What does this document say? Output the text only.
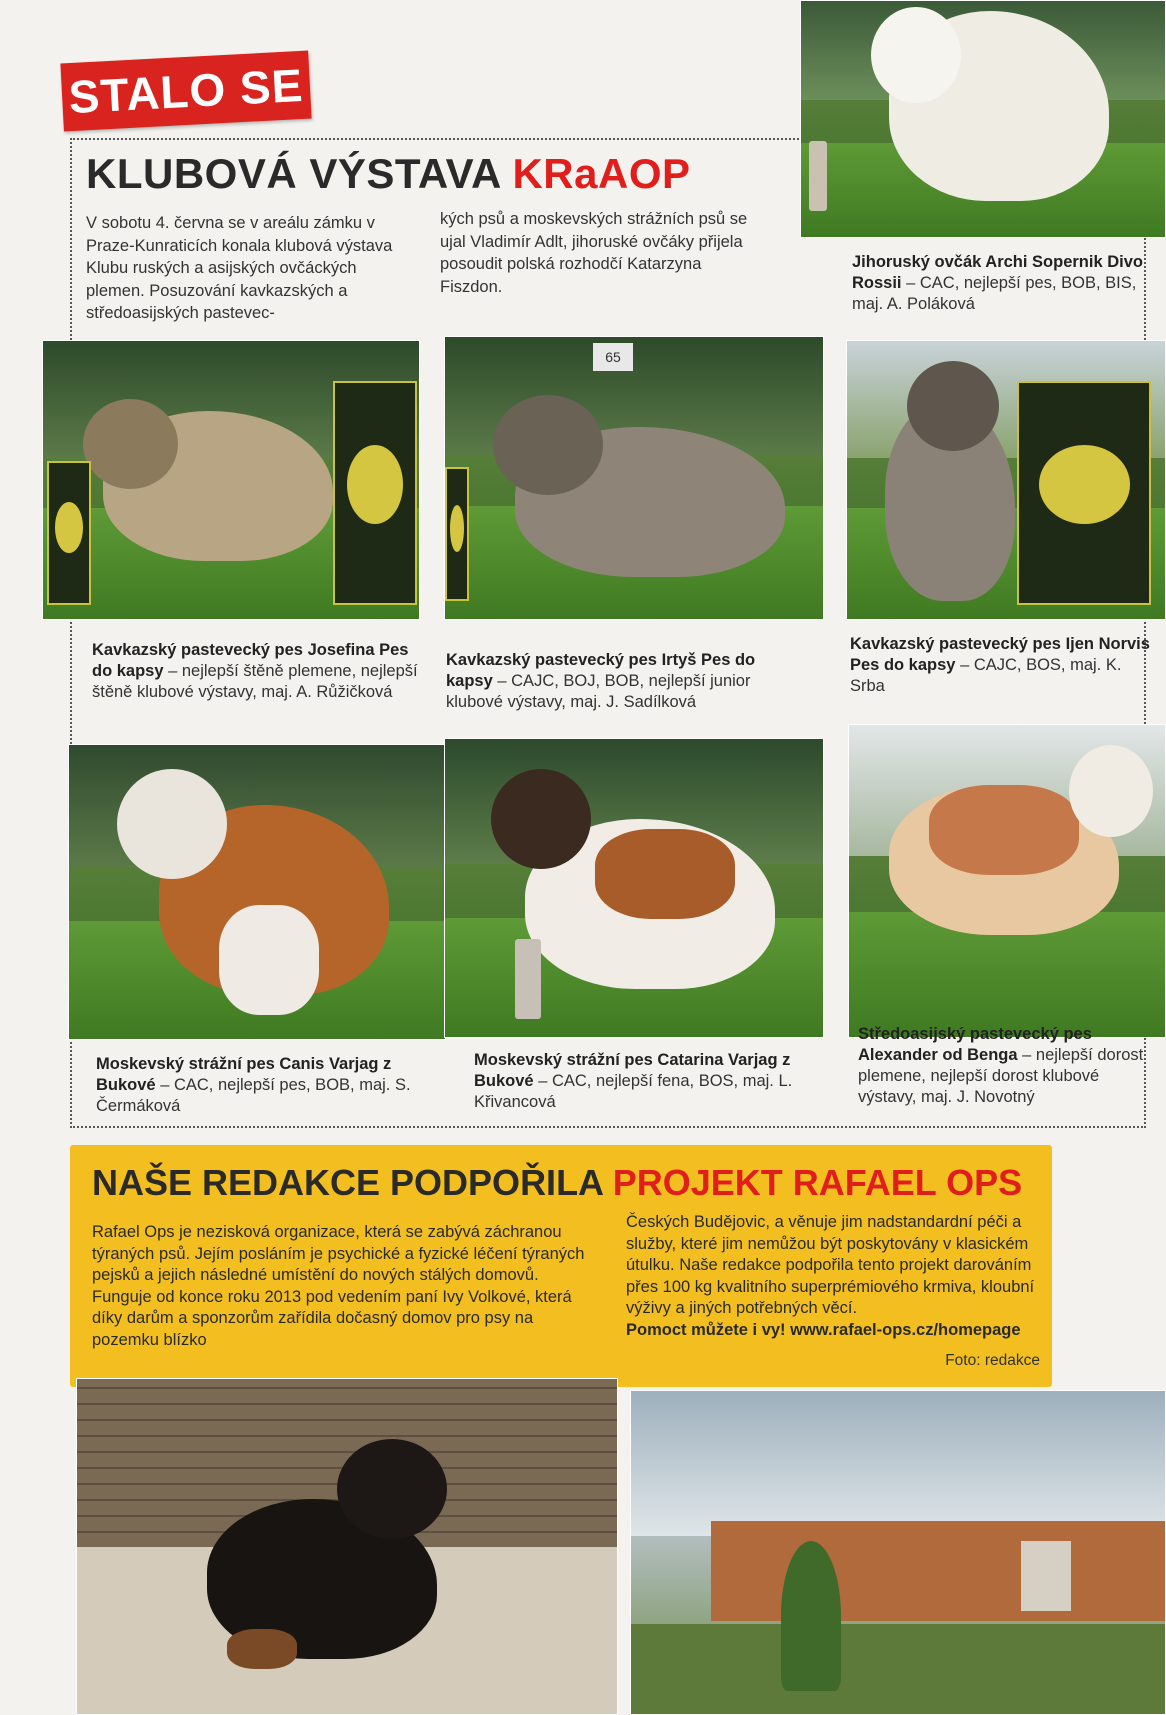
STALO SE
KLUBOVÁ VÝSTAVA KRaAOP
V sobotu 4. června se v areálu zámku v Praze-Kunraticích konala klubová výstava Klubu ruských a asijských ovčáckých plemen. Posuzování kavkazských a středoasijských pastevec-
kých psů a moskevských strážních psů se ujal Vladimír Adlt, jihoruské ovčáky přijela posoudit polská rozhodčí Katarzyna Fiszdon.
Jihoruský ovčák Archi Sopernik Divo Rossii – CAC, nejlepší pes, BOB, BIS, maj. A. Poláková
65
Kavkazský pastevecký pes Josefina Pes do kapsy – nejlepší štěně plemene, nejlepší štěně klubové výstavy, maj. A. Růžičková
Kavkazský pastevecký pes Irtyš Pes do kapsy – CAJC, BOJ, BOB, nejlepší junior klubové výstavy, maj. J. Sadílková
Kavkazský pastevecký pes Ijen Norvis Pes do kapsy – CAJC, BOS, maj. K. Srba
Moskevský strážní pes Canis Varjag z Bukové – CAC, nejlepší pes, BOB, maj. S. Čermáková
Moskevský strážní pes Catarina Varjag z Bukové – CAC, nejlepší fena, BOS, maj. L. Křivancová
Středoasijský pastevecký pes Alexander od Benga – nejlepší dorost plemene, nejlepší dorost klubové výstavy, maj. J. Novotný
NAŠE REDAKCE PODPOŘILA PROJEKT RAFAEL OPS
Rafael Ops je nezisková organizace, která se zabývá záchranou týraných psů. Jejím posláním je psychické a fyzické léčení týraných pejsků a jejich následné umístění do nových stálých domovů. Funguje od konce roku 2013 pod vedením paní Ivy Volkové, která díky darům a sponzorům zařídila dočasný domov pro psy na pozemku blízko
Českých Budějovic, a věnuje jim nadstandardní péči a služby, které jim nemůžou být poskytovány v klasickém útulku. Naše redakce podpořila tento projekt darováním přes 100 kg kvalitního superprémiového krmiva, kloubní výživy a jiných potřebných věcí.
Pomoct můžete i vy! www.rafael-ops.cz/homepage
Foto: redakce
